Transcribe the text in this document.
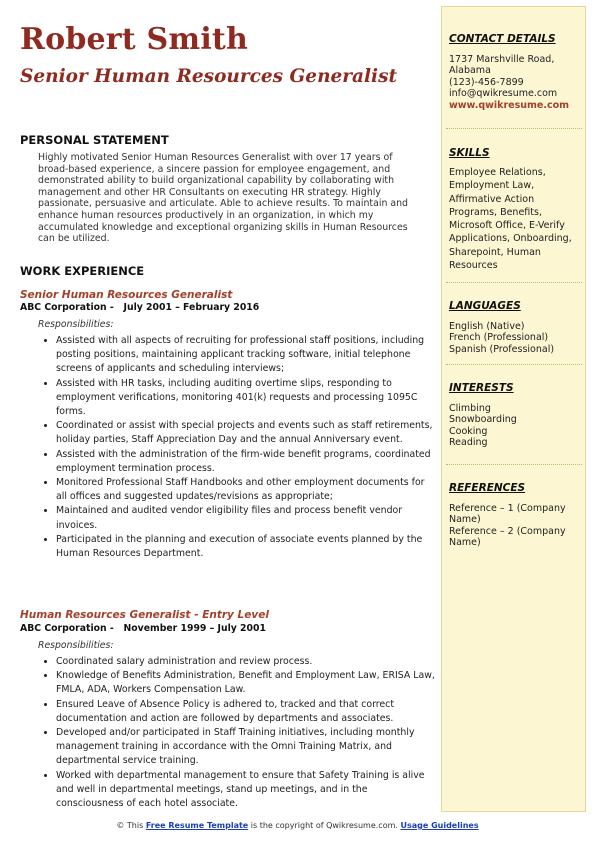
Robert Smith
Senior Human Resources Generalist
PERSONAL STATEMENT
Highly motivated Senior Human Resources Generalist with over 17 years of broad-based experience, a sincere passion for employee engagement, and demonstrated ability to build organizational capability by collaborating with management and other HR Consultants on executing HR strategy. Highly passionate, persuasive and articulate. Able to achieve results. To maintain and enhance human resources productively in an organization, in which my accumulated knowledge and exceptional organizing skills in Human Resources can be utilized.
WORK EXPERIENCE
Senior Human Resources Generalist
ABC Corporation - July 2001 – February 2016
Responsibilities:
• Assisted with all aspects of recruiting for professional staff positions, including posting positions, maintaining applicant tracking software, initial telephone screens of applicants and scheduling interviews;
• Assisted with HR tasks, including auditing overtime slips, responding to employment verifications, monitoring 401(k) requests and processing 1095C forms.
• Coordinated or assist with special projects and events such as staff retirements, holiday parties, Staff Appreciation Day and the annual Anniversary event.
• Assisted with the administration of the firm-wide benefit programs, coordinated employment termination process.
• Monitored Professional Staff Handbooks and other employment documents for all offices and suggested updates/revisions as appropriate;
• Maintained and audited vendor eligibility files and process benefit vendor invoices.
• Participated in the planning and execution of associate events planned by the Human Resources Department.
Human Resources Generalist - Entry Level
ABC Corporation - November 1999 – July 2001
Responsibilities:
• Coordinated salary administration and review process.
• Knowledge of Benefits Administration, Benefit and Employment Law, ERISA Law, FMLA, ADA, Workers Compensation Law.
• Ensured Leave of Absence Policy is adhered to, tracked and that correct documentation and action are followed by departments and associates.
• Developed and/or participated in Staff Training initiatives, including monthly management training in accordance with the Omni Training Matrix, and departmental service training.
• Worked with departmental management to ensure that Safety Training is alive and well in departmental meetings, stand up meetings, and in the consciousness of each hotel associate.
CONTACT DETAILS
1737 Marshville Road, Alabama
(123)-456-7899
info@qwikresume.com
www.qwikresume.com
SKILLS
Employee Relations, Employment Law, Affirmative Action Programs, Benefits, Microsoft Office, E-Verify Applications, Onboarding, Sharepoint, Human Resources
LANGUAGES
English (Native)
French (Professional)
Spanish (Professional)
INTERESTS
Climbing
Snowboarding
Cooking
Reading
REFERENCES
Reference – 1 (Company Name)
Reference – 2 (Company Name)
© This Free Resume Template is the copyright of Qwikresume.com. Usage Guidelines
